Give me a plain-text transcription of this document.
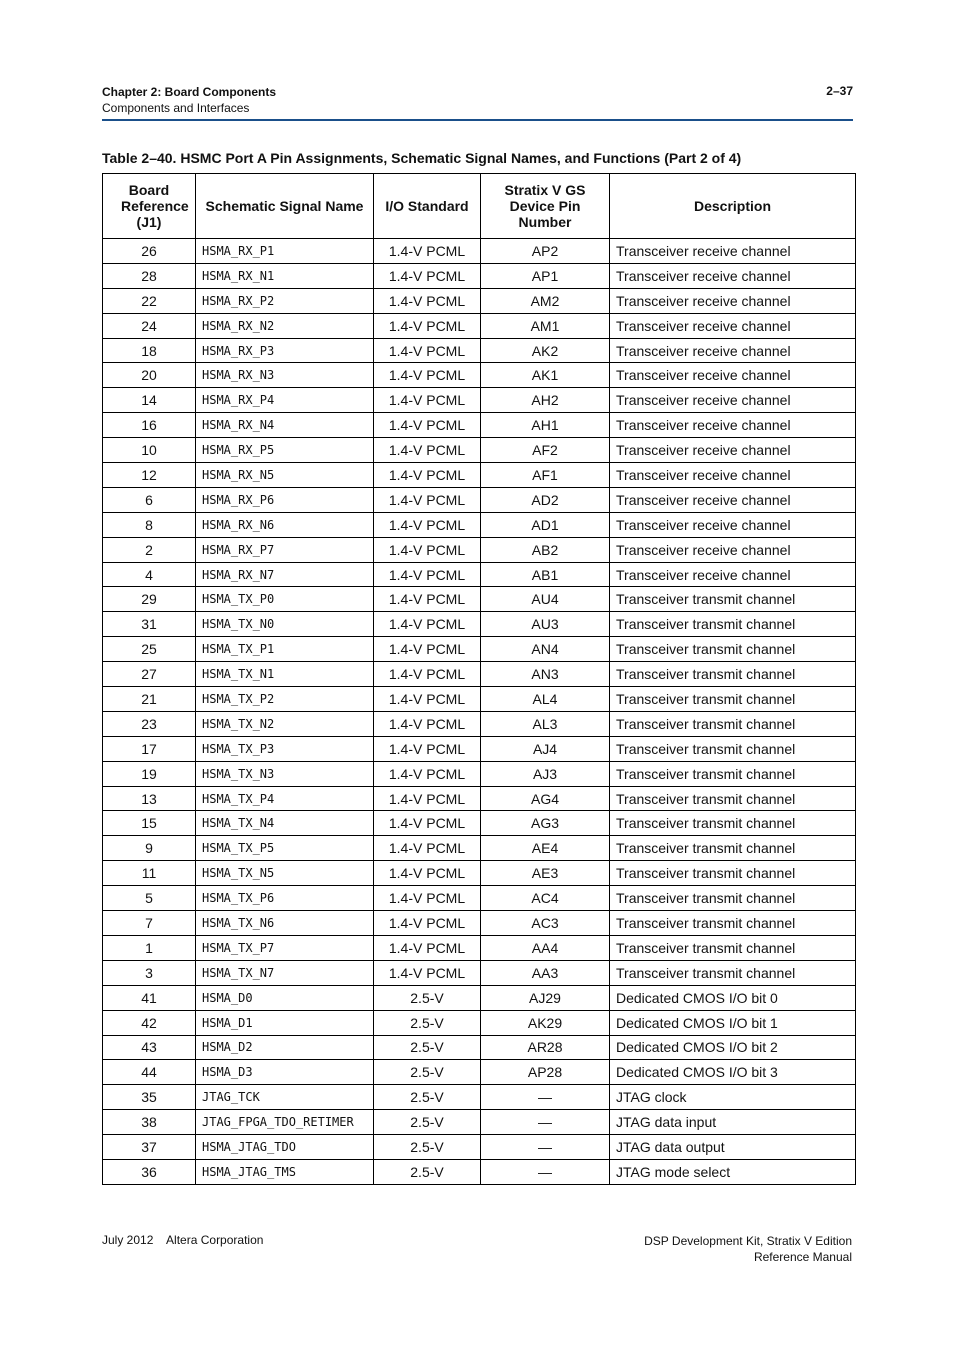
Chapter 2: Board Components
Components and Interfaces
2–37
Table 2–40. HSMC Port A Pin Assignments, Schematic Signal Names, and Functions (Part 2 of 4)
Board Reference (J1)	Schematic Signal Name	I/O Standard	Stratix V GS Device Pin Number	Description
26	HSMA_RX_P1	1.4-V PCML	AP2	Transceiver receive channel
28	HSMA_RX_N1	1.4-V PCML	AP1	Transceiver receive channel
22	HSMA_RX_P2	1.4-V PCML	AM2	Transceiver receive channel
24	HSMA_RX_N2	1.4-V PCML	AM1	Transceiver receive channel
18	HSMA_RX_P3	1.4-V PCML	AK2	Transceiver receive channel
20	HSMA_RX_N3	1.4-V PCML	AK1	Transceiver receive channel
14	HSMA_RX_P4	1.4-V PCML	AH2	Transceiver receive channel
16	HSMA_RX_N4	1.4-V PCML	AH1	Transceiver receive channel
10	HSMA_RX_P5	1.4-V PCML	AF2	Transceiver receive channel
12	HSMA_RX_N5	1.4-V PCML	AF1	Transceiver receive channel
6	HSMA_RX_P6	1.4-V PCML	AD2	Transceiver receive channel
8	HSMA_RX_N6	1.4-V PCML	AD1	Transceiver receive channel
2	HSMA_RX_P7	1.4-V PCML	AB2	Transceiver receive channel
4	HSMA_RX_N7	1.4-V PCML	AB1	Transceiver receive channel
29	HSMA_TX_P0	1.4-V PCML	AU4	Transceiver transmit channel
31	HSMA_TX_N0	1.4-V PCML	AU3	Transceiver transmit channel
25	HSMA_TX_P1	1.4-V PCML	AN4	Transceiver transmit channel
27	HSMA_TX_N1	1.4-V PCML	AN3	Transceiver transmit channel
21	HSMA_TX_P2	1.4-V PCML	AL4	Transceiver transmit channel
23	HSMA_TX_N2	1.4-V PCML	AL3	Transceiver transmit channel
17	HSMA_TX_P3	1.4-V PCML	AJ4	Transceiver transmit channel
19	HSMA_TX_N3	1.4-V PCML	AJ3	Transceiver transmit channel
13	HSMA_TX_P4	1.4-V PCML	AG4	Transceiver transmit channel
15	HSMA_TX_N4	1.4-V PCML	AG3	Transceiver transmit channel
9	HSMA_TX_P5	1.4-V PCML	AE4	Transceiver transmit channel
11	HSMA_TX_N5	1.4-V PCML	AE3	Transceiver transmit channel
5	HSMA_TX_P6	1.4-V PCML	AC4	Transceiver transmit channel
7	HSMA_TX_N6	1.4-V PCML	AC3	Transceiver transmit channel
1	HSMA_TX_P7	1.4-V PCML	AA4	Transceiver transmit channel
3	HSMA_TX_N7	1.4-V PCML	AA3	Transceiver transmit channel
41	HSMA_D0	2.5-V	AJ29	Dedicated CMOS I/O bit 0
42	HSMA_D1	2.5-V	AK29	Dedicated CMOS I/O bit 1
43	HSMA_D2	2.5-V	AR28	Dedicated CMOS I/O bit 2
44	HSMA_D3	2.5-V	AP28	Dedicated CMOS I/O bit 3
35	JTAG_TCK	2.5-V	—	JTAG clock
38	JTAG_FPGA_TDO_RETIMER	2.5-V	—	JTAG data input
37	HSMA_JTAG_TDO	2.5-V	—	JTAG data output
36	HSMA_JTAG_TMS	2.5-V	—	JTAG mode select
July 2012    Altera Corporation	DSP Development Kit, Stratix V Edition
Reference Manual
